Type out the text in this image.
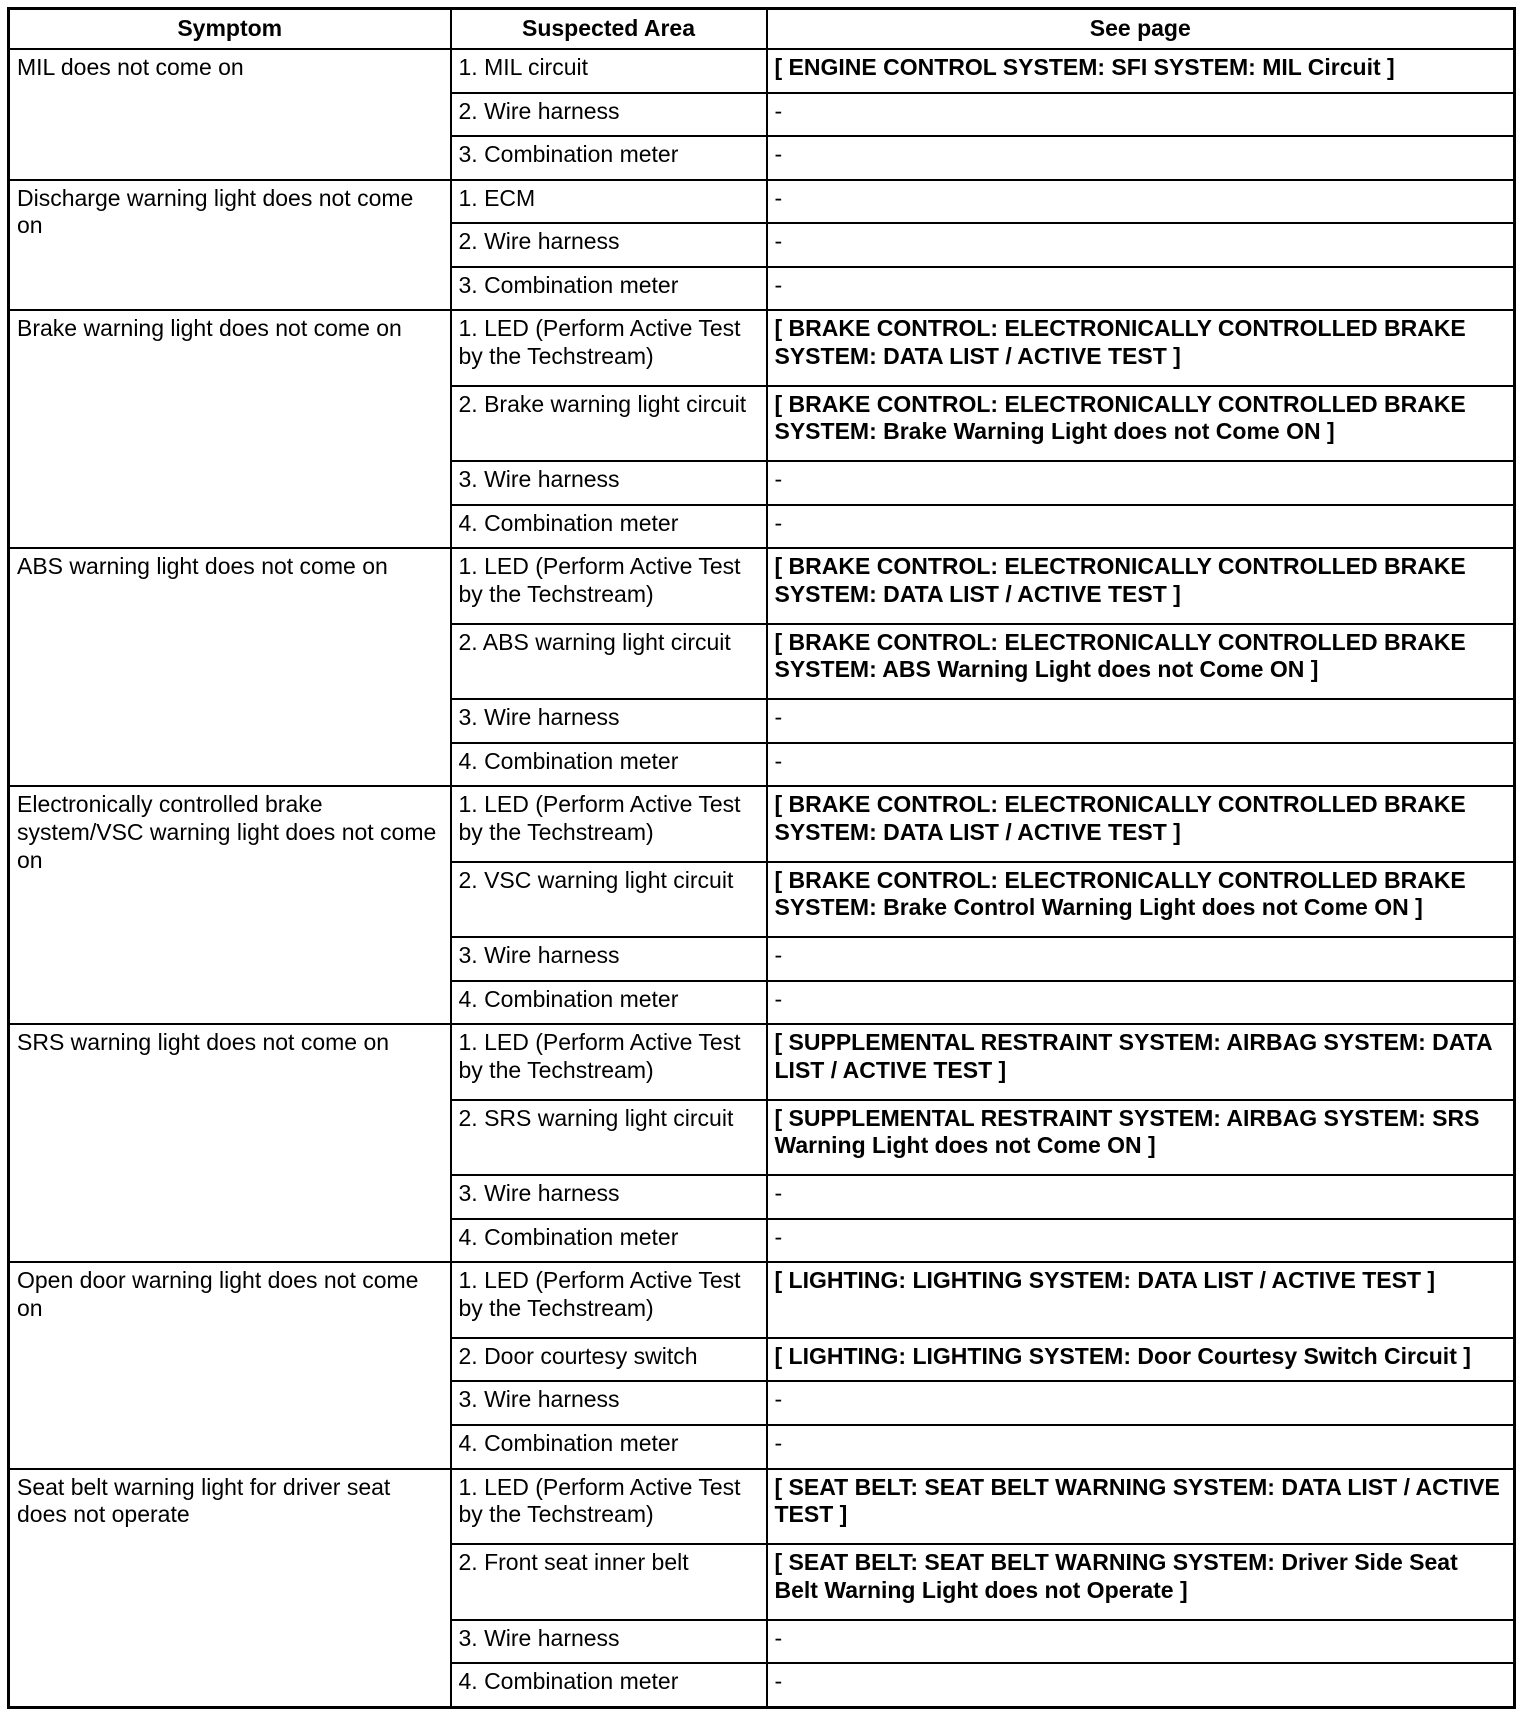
Symptom	Suspected Area	See page
MIL does not come on	1. MIL circuit	[ ENGINE CONTROL SYSTEM: SFI SYSTEM: MIL Circuit ]
	2. Wire harness	-
	3. Combination meter	-
Discharge warning light does not come on	1. ECM	-
	2. Wire harness	-
	3. Combination meter	-
Brake warning light does not come on	1. LED (Perform Active Test by the Techstream)	[ BRAKE CONTROL: ELECTRONICALLY CONTROLLED BRAKE SYSTEM: DATA LIST / ACTIVE TEST ]
	2. Brake warning light circuit	[ BRAKE CONTROL: ELECTRONICALLY CONTROLLED BRAKE SYSTEM: Brake Warning Light does not Come ON ]
	3. Wire harness	-
	4. Combination meter	-
ABS warning light does not come on	1. LED (Perform Active Test by the Techstream)	[ BRAKE CONTROL: ELECTRONICALLY CONTROLLED BRAKE SYSTEM: DATA LIST / ACTIVE TEST ]
	2. ABS warning light circuit	[ BRAKE CONTROL: ELECTRONICALLY CONTROLLED BRAKE SYSTEM: ABS Warning Light does not Come ON ]
	3. Wire harness	-
	4. Combination meter	-
Electronically controlled brake system/VSC warning light does not come on	1. LED (Perform Active Test by the Techstream)	[ BRAKE CONTROL: ELECTRONICALLY CONTROLLED BRAKE SYSTEM: DATA LIST / ACTIVE TEST ]
	2. VSC warning light circuit	[ BRAKE CONTROL: ELECTRONICALLY CONTROLLED BRAKE SYSTEM: Brake Control Warning Light does not Come ON ]
	3. Wire harness	-
	4. Combination meter	-
SRS warning light does not come on	1. LED (Perform Active Test by the Techstream)	[ SUPPLEMENTAL RESTRAINT SYSTEM: AIRBAG SYSTEM: DATA LIST / ACTIVE TEST ]
	2. SRS warning light circuit	[ SUPPLEMENTAL RESTRAINT SYSTEM: AIRBAG SYSTEM: SRS Warning Light does not Come ON ]
	3. Wire harness	-
	4. Combination meter	-
Open door warning light does not come on	1. LED (Perform Active Test by the Techstream)	[ LIGHTING: LIGHTING SYSTEM: DATA LIST / ACTIVE TEST ]
	2. Door courtesy switch	[ LIGHTING: LIGHTING SYSTEM: Door Courtesy Switch Circuit ]
	3. Wire harness	-
	4. Combination meter	-
Seat belt warning light for driver seat does not operate	1. LED (Perform Active Test by the Techstream)	[ SEAT BELT: SEAT BELT WARNING SYSTEM: DATA LIST / ACTIVE TEST ]
	2. Front seat inner belt	[ SEAT BELT: SEAT BELT WARNING SYSTEM: Driver Side Seat Belt Warning Light does not Operate ]
	3. Wire harness	-
	4. Combination meter	-
